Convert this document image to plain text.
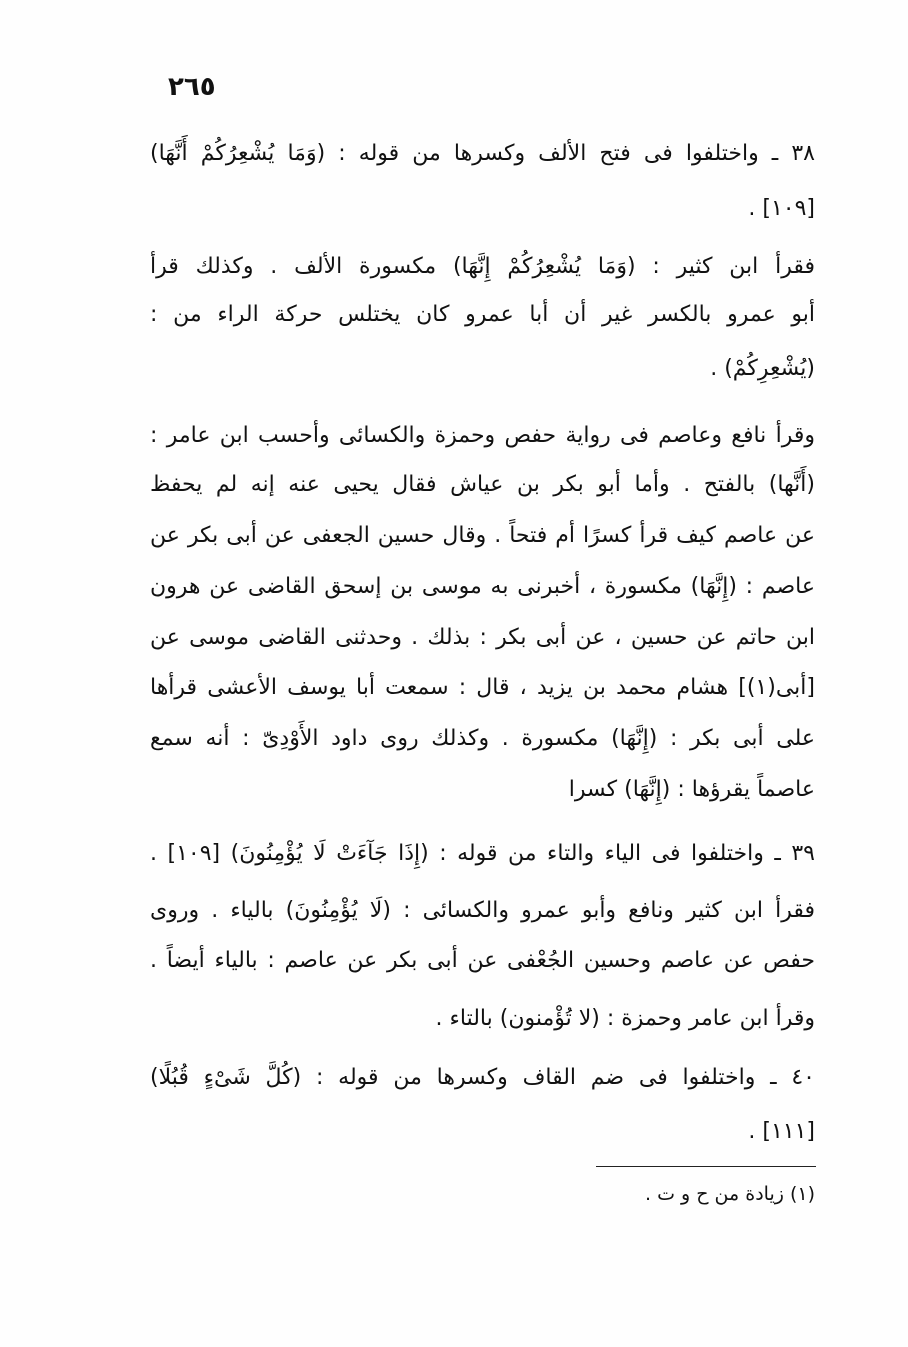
٢٦٥
٣٨ ـ واختلفوا فى فتح الألف وكسرها من قوله : (وَمَا يُشْعِرُكُمْ أَنَّهَا)
[١٠٩] .
فقرأ ابن كثير : (وَمَا يُشْعِرُكُمْ إِنَّهَا) مكسورة الألف . وكذلك قرأ
أبو عمرو بالكسر غير أن أبا عمرو كان يختلس حركة الراء من :
(يُشْعِرِكُمْ) .
وقرأ نافع وعاصم فى رواية حفص وحمزة والكسائى وأحسب ابن عامر :
(أَنَّها) بالفتح . وأما أبو بكر بن عياش فقال يحيى عنه إنه لم يحفظ
عن عاصم كيف قرأ كسرًا أم فتحاً . وقال حسين الجعفى عن أبى بكر عن
عاصم : (إِنَّهَا) مكسورة ، أخبرنى به موسى بن إسحق القاضى عن هرون
ابن حاتم عن حسين ، عن أبى بكر : بذلك . وحدثنى القاضى موسى عن
[أبى(١)] هشام محمد بن يزيد ، قال : سمعت أبا يوسف الأعشى قرأها
على أبى بكر : (إِنَّهَا) مكسورة . وكذلك روى داود الأَوْدِىّ : أنه سمع
عاصماً يقرؤها : (إِنَّهَا) كسرا
٣٩ ـ واختلفوا فى الياء والتاء من قوله : (إِذَا جَآءَتْ لَا يُؤْمِنُونَ) [١٠٩] .
فقرأ ابن كثير ونافع وأبو عمرو والكسائى : (لَا يُؤْمِنُونَ) بالياء . وروى
حفص عن عاصم وحسين الجُعْفى عن أبى بكر عن عاصم : بالياء أيضاً .
وقرأ ابن عامر وحمزة : (لا تُؤْمنون) بالتاء .
٤٠ ـ واختلفوا فى ضم القاف وكسرها من قوله : (كُلَّ شَىْءٍ قُبُلًا)
[١١١] .
(١) زيادة من ح و ت .
